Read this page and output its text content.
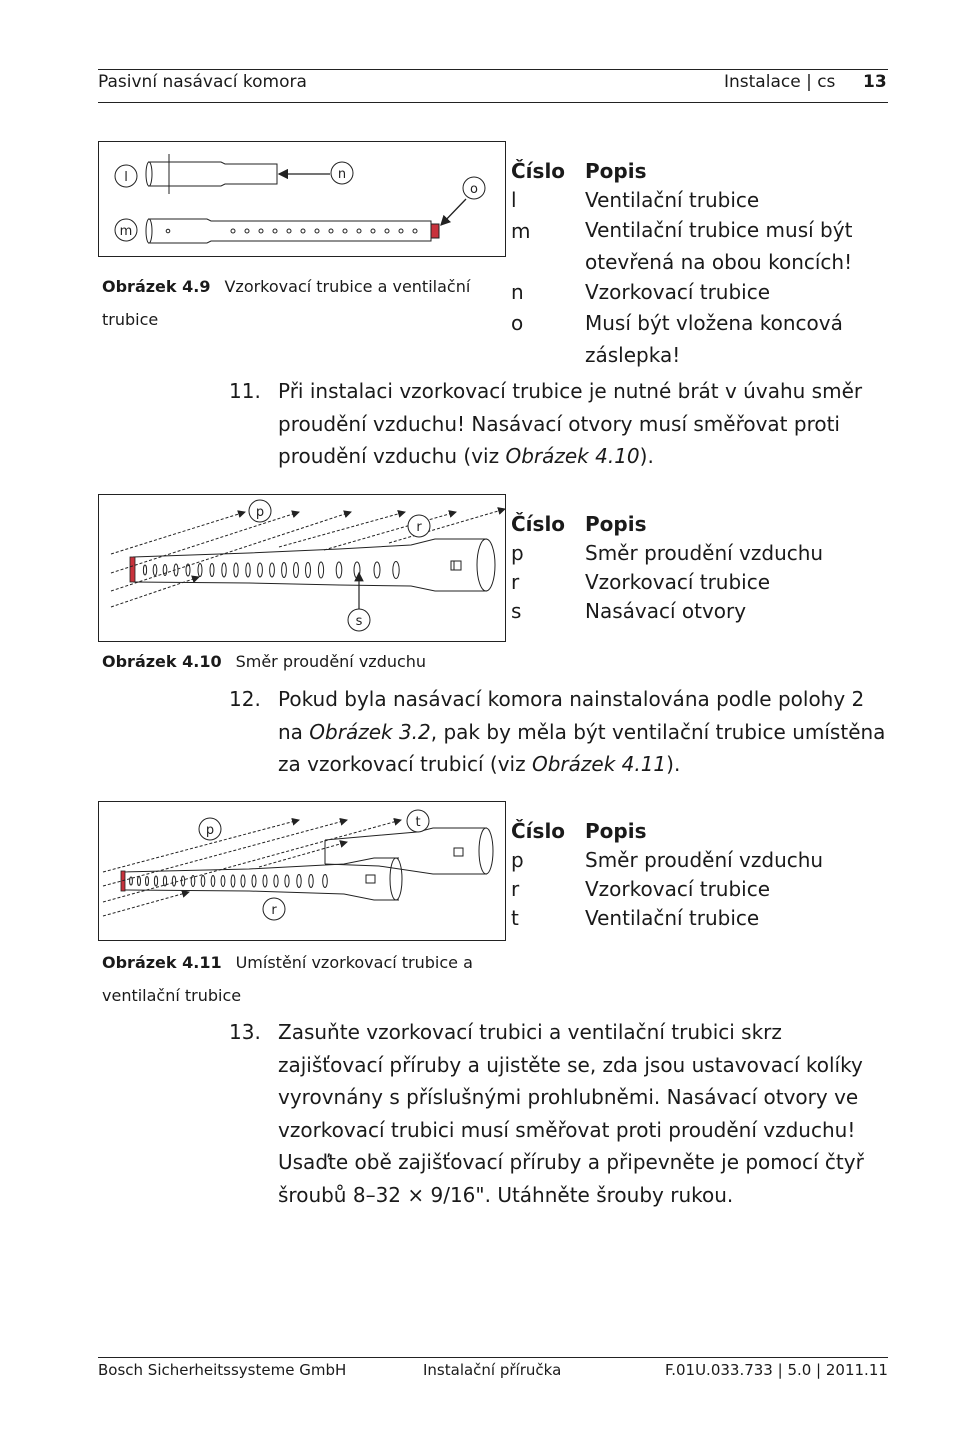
Pasivní nasávací komora	Instalace | cs 13
l
m
n
o
Obrázek 4.9 Vzorkovací trubice a ventilační trubice
Číslo Popis
l	Ventilační trubice
m	Ventilační trubice musí být otevřená na obou koncích!
n	Vzorkovací trubice
o	Musí být vložena koncová záslepka!
11. Při instalaci vzorkovací trubice je nutné brát v úvahu směr proudění vzduchu! Nasávací otvory musí směřovat proti proudění vzduchu (viz Obrázek 4.10).
p
r
s
Obrázek 4.10 Směr proudění vzduchu
Číslo Popis
p	Směr proudění vzduchu
r	Vzorkovací trubice
s	Nasávací otvory
12. Pokud byla nasávací komora nainstalována podle polohy 2 na Obrázek 3.2, pak by měla být ventilační trubice umístěna za vzorkovací trubicí (viz Obrázek 4.11).
p
t
r
Obrázek 4.11 Umístění vzorkovací trubice a ventilační trubice
Číslo Popis
p	Směr proudění vzduchu
r	Vzorkovací trubice
t	Ventilační trubice
13. Zasuňte vzorkovací trubici a ventilační trubici skrz zajišťovací příruby a ujistěte se, zda jsou ustavovací kolíky vyrovnány s příslušnými prohlubněmi. Nasávací otvory ve vzorkovací trubici musí směřovat proti proudění vzduchu! Usaďte obě zajišťovací příruby a připevněte je pomocí čtyř šroubů 8–32 × 9/16". Utáhněte šrouby rukou.
Bosch Sicherheitssysteme GmbH	Instalační příručka	F.01U.033.733 | 5.0 | 2011.11
